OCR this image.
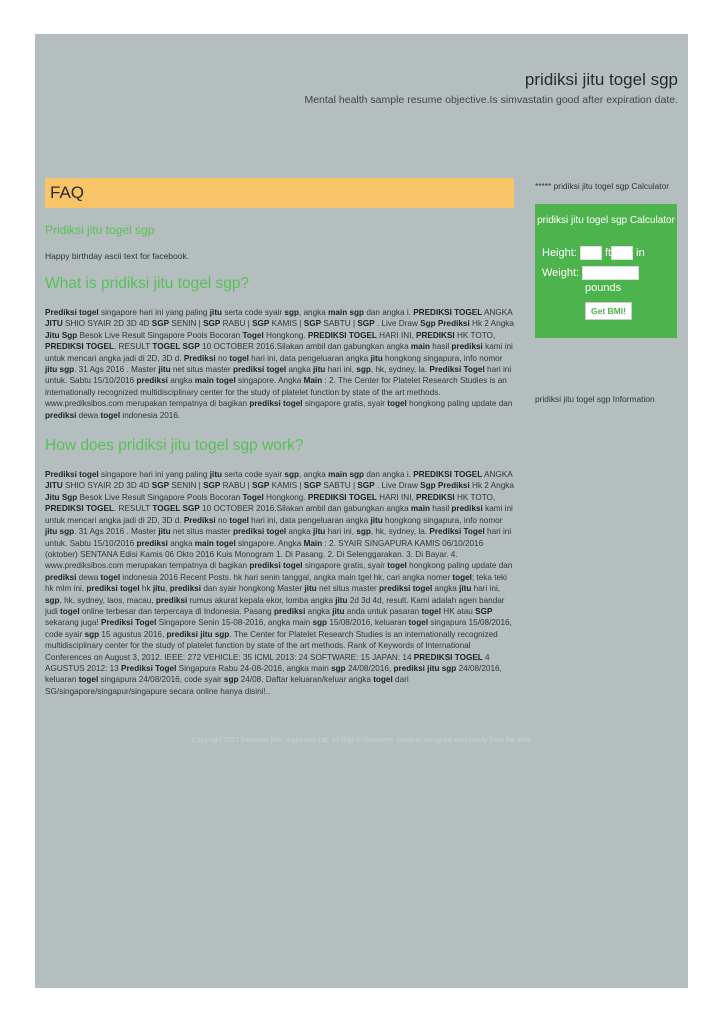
pridiksi jitu togel sgp
Mental health sample resume objective.Is simvastatin good after expiration date.
FAQ
Pridiksi jitu togel sgp
Happy birthday ascii text for facebook.
What is pridiksi jitu togel sgp?

Prediksi togel singapore hari ini yang paling jitu serta code syair sgp, angka main sgp dan angka i. PREDIKSI TOGEL ANGKA JITU SHIO SYAIR 2D 3D 4D SGP SENIN | SGP RABU | SGP KAMIS | SGP SABTU | SGP . Live Draw Sgp Prediksi Hk 2 Angka Jitu Sgp Besok Live Result Singapore Pools Bocoran Togel Hongkong. PREDIKSI TOGEL HARI INI, PREDIKSI HK TOTO, PREDIKSI TOGEL. RESULT TOGEL SGP 10 OCTOBER 2016.Silakan ambil dan gabungkan angka main hasil prediksi kami ini untuk mencari angka jadi di 2D, 3D d. Prediksi no togel hari ini, data pengeluaran angka jitu hongkong singapura, info nomor jitu sgp. 31 Ags 2016 . Master jitu net situs master prediksi togel angka jitu hari ini, sgp, hk, sydney, la. Prediksi Togel hari ini untuk. Sabtu 15/10/2016 prediksi angka main togel singapore. Angka Main : 2. The Center for Platelet Research Studies is an internationally recognized multidisciplinary center for the study of platelet function by state of the art methods. www.prediksibos.com merupakan tempatnya di bagikan prediksi togel singapore gratis, syair togel hongkong paling update dan prediksi dewa togel indonesia 2016.

How does pridiksi jitu togel sgp work?

Prediksi togel singapore hari ini yang paling jitu serta code syair sgp, angka main sgp dan angka i. PREDIKSI TOGEL ANGKA JITU SHIO SYAIR 2D 3D 4D SGP SENIN | SGP RABU | SGP KAMIS | SGP SABTU | SGP . Live Draw Sgp Prediksi Hk 2 Angka Jitu Sgp Besok Live Result Singapore Pools Bocoran Togel Hongkong. PREDIKSI TOGEL HARI INI, PREDIKSI HK TOTO, PREDIKSI TOGEL. RESULT TOGEL SGP 10 OCTOBER 2016.Silakan ambil dan gabungkan angka main hasil prediksi kami ini untuk mencari angka jadi di 2D, 3D d. Prediksi no togel hari ini, data pengeluaran angka jitu hongkong singapura, info nomor jitu sgp. 31 Ags 2016 . Master jitu net situs master prediksi togel angka jitu hari ini, sgp, hk, sydney, la. Prediksi Togel hari ini untuk. Sabtu 15/10/2016 prediksi angka main togel singapore. Angka Main : 2. SYAIR SINGAPURA KAMIS 06/10/2016 (oktober) SENTANA Edisi Kamis 06 Okto 2016 Kuis Monogram 1. Di Pasang. 2. Di Selenggarakan. 3. Di Bayar. 4. www.prediksibos.com merupakan tempatnya di bagikan prediksi togel singapore gratis, syair togel hongkong paling update dan prediksi dewa togel indonesia 2016 Recent Posts. hk hari senin tanggal, angka main tgel hk, cari angka nomer togel; teka teki hk mlm ini, prediksi togel hk jitu, prediksi dan syair hongkong Master jitu net situs master prediksi togel angka jitu hari ini, sgp, hk, sydney, laos, macau, prediksi rumus akurat kepala ekor, lomba angka jitu 2d 3d 4d, result. Kami adalah agen bandar judi togel online terbesar dan terpercaya di Indonesia. Pasang prediksi angka jitu anda untuk pasaran togel HK atau SGP sekarang juga! Prediksi Togel Singapore Senin 15-08-2016, angka main sgp 15/08/2016, keluaran togel singapura 15/08/2016, code syair sgp 15 agustus 2016, prediksi jitu sgp. The Center for Platelet Research Studies is an internationally recognized multidisciplinary center for the study of platelet function by state of the art methods. Rank of Keywords of International Conferences on August 3, 2012. IEEE: 272 VEHICLE: 35 ICML 2013: 24 SOFTWARE: 15 JAPAN: 14 PREDIKSI TOGEL 4 AGUSTUS 2012: 13 Prediksi Togel Singapura Rabu 24-08-2016, angka main sgp 24/08/2016, prediksi jitu sgp 24/08/2016, keluaran togel singapura 24/08/2016, code syair sgp 24/08. Daftar keluaran/keluar angka togel dari SG/singapore/singapur/singapure secara online hanya disini!..

***** pridiksi jitu togel sgp Calculator
pridiksi jitu togel sgp Calculator
Height:	ft in
Weight:
pounds
Get BMI!
pridiksi jitu togel sgp Information
Copyright 2017 Feliwebs.info. Inglorious Ltd. All Rights Reserved. Content designed exclusively from the Web
